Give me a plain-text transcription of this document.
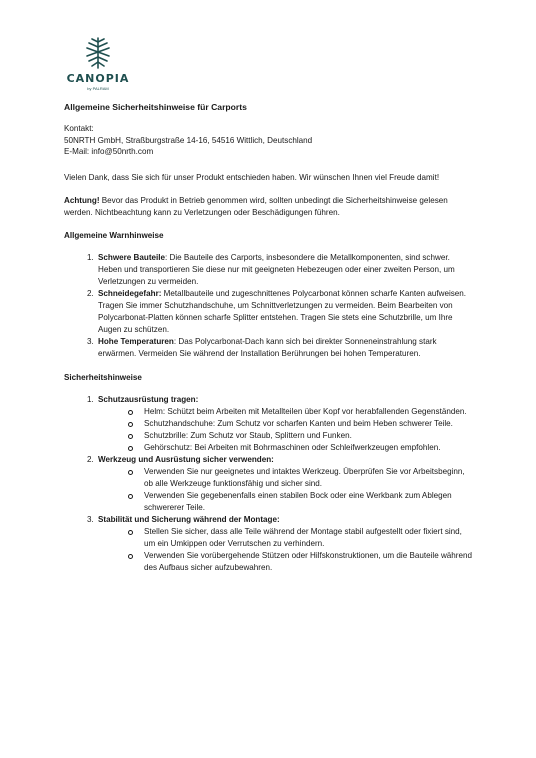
CANOPIA
by PALRAM
Allgemeine Sicherheitshinweise für Carports
Kontakt:
50NRTH GmbH, Straßburgstraße 14-16, 54516 Wittlich, Deutschland
E-Mail: info@50nrth.com

Vielen Dank, dass Sie sich für unser Produkt entschieden haben. Wir wünschen Ihnen viel Freude damit!

Achtung! Bevor das Produkt in Betrieb genommen wird, sollten unbedingt die Sicherheitshinweise gelesen werden. Nichtbeachtung kann zu Verletzungen oder Beschädigungen führen.

Allgemeine Warnhinweise
1. Schwere Bauteile: Die Bauteile des Carports, insbesondere die Metallkomponenten, sind schwer. Heben und transportieren Sie diese nur mit geeigneten Hebezeugen oder einer zweiten Person, um Verletzungen zu vermeiden.
2. Schneidegefahr: Metallbauteile und zugeschnittenes Polycarbonat können scharfe Kanten aufweisen. Tragen Sie immer Schutzhandschuhe, um Schnittverletzungen zu vermeiden. Beim Bearbeiten von Polycarbonat-Platten können scharfe Splitter entstehen. Tragen Sie stets eine Schutzbrille, um Ihre Augen zu schützen.
3. Hohe Temperaturen: Das Polycarbonat-Dach kann sich bei direkter Sonneneinstrahlung stark erwärmen. Vermeiden Sie während der Installation Berührungen bei hohen Temperaturen.
Sicherheitshinweise
1. Schutzausrüstung tragen:
Helm: Schützt beim Arbeiten mit Metallteilen über Kopf vor herabfallenden Gegenständen.
Schutzhandschuhe: Zum Schutz vor scharfen Kanten und beim Heben schwerer Teile.
Schutzbrille: Zum Schutz vor Staub, Splittern und Funken.
Gehörschutz: Bei Arbeiten mit Bohrmaschinen oder Schleifwerkzeugen empfohlen.
2. Werkzeug und Ausrüstung sicher verwenden:
Verwenden Sie nur geeignetes und intaktes Werkzeug. Überprüfen Sie vor Arbeitsbeginn, ob alle Werkzeuge funktionsfähig und sicher sind.
Verwenden Sie gegebenenfalls einen stabilen Bock oder eine Werkbank zum Ablegen schwererer Teile.
3. Stabilität und Sicherung während der Montage:
Stellen Sie sicher, dass alle Teile während der Montage stabil aufgestellt oder fixiert sind, um ein Umkippen oder Verrutschen zu verhindern.
Verwenden Sie vorübergehende Stützen oder Hilfskonstruktionen, um die Bauteile während des Aufbaus sicher aufzubewahren.
